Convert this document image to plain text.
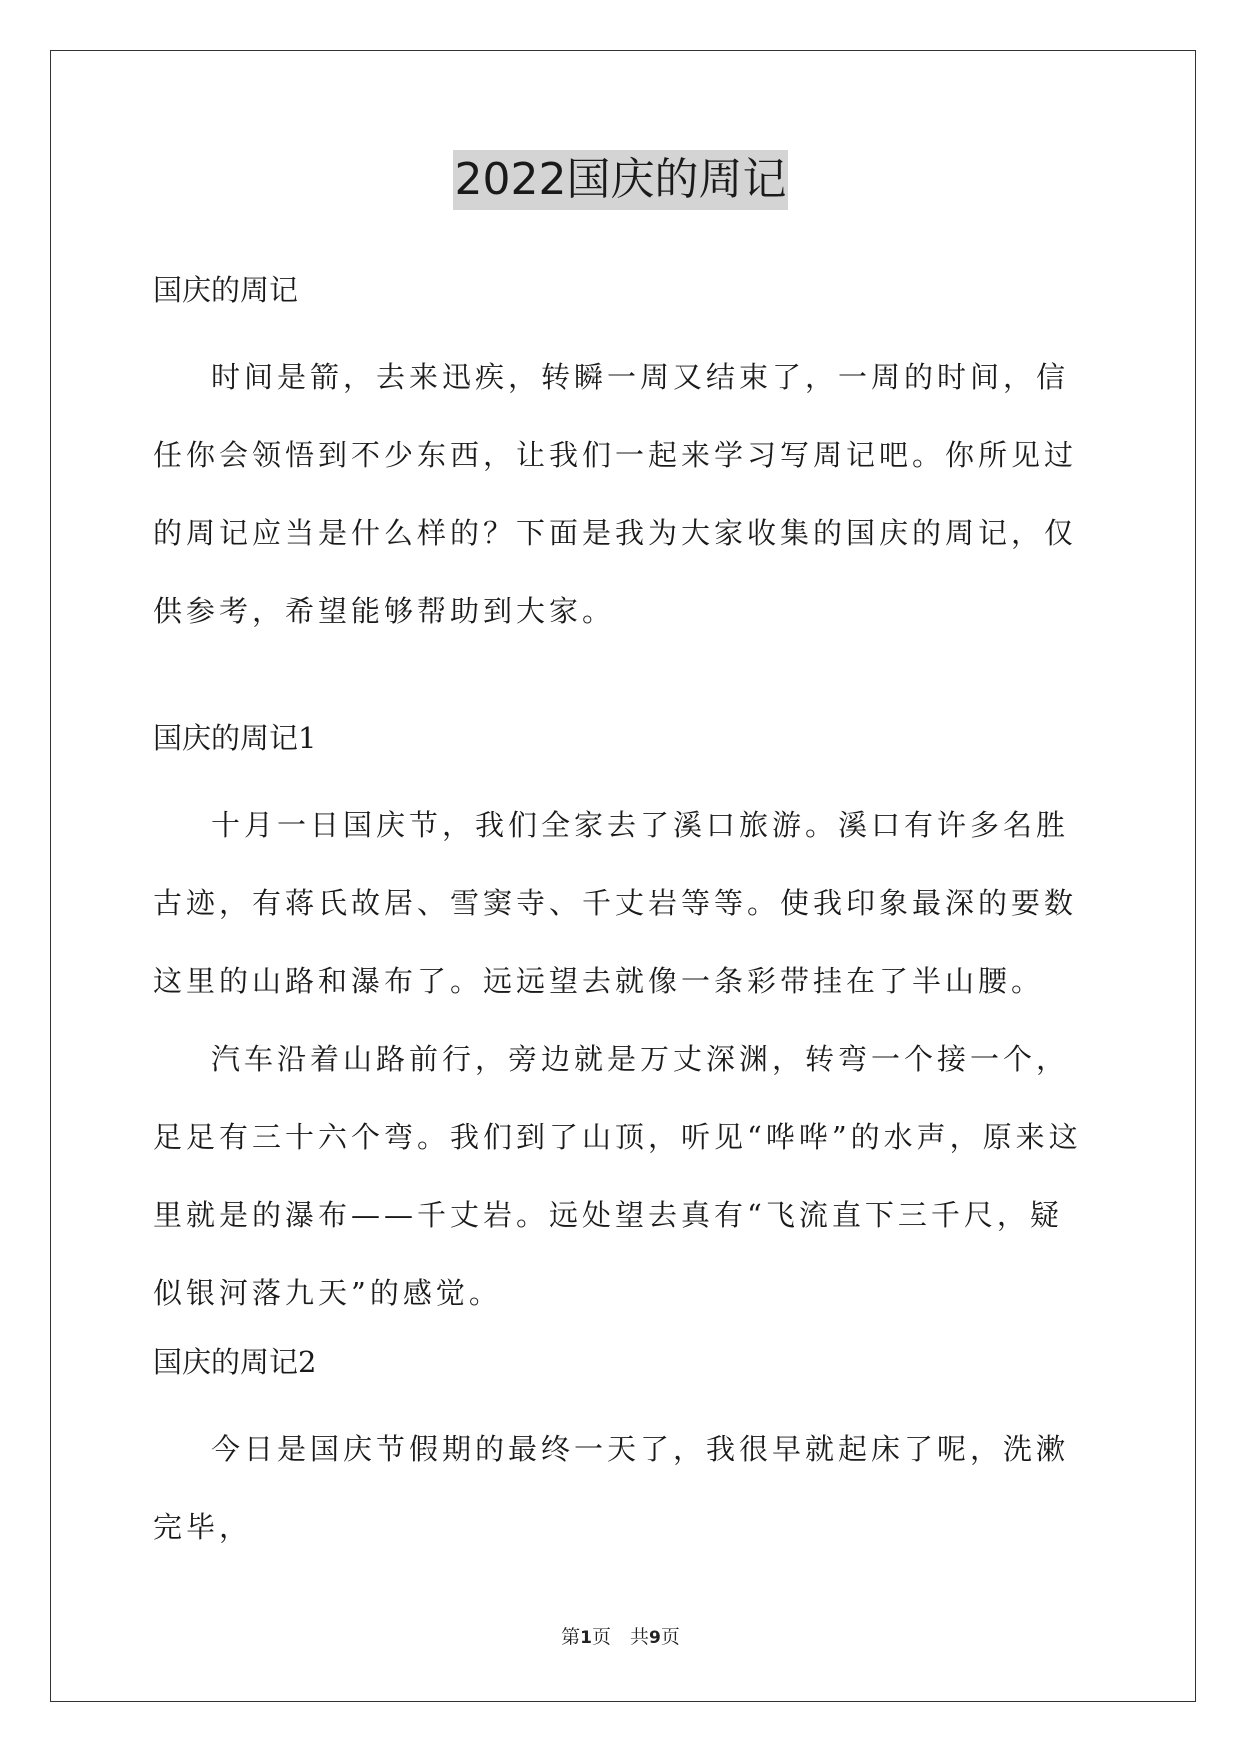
2022国庆的周记

国庆的周记

时间是箭，去来迅疾，转瞬一周又结束了，一周的时间，信任你会领悟到不少东西，让我们一起来学习写周记吧。你所见过的周记应当是什么样的？下面是我为大家收集的国庆的周记，仅供参考，希望能够帮助到大家。

国庆的周记1

十月一日国庆节，我们全家去了溪口旅游。溪口有许多名胜古迹，有蒋氏故居、雪窦寺、千丈岩等等。使我印象最深的要数这里的山路和瀑布了。远远望去就像一条彩带挂在了半山腰。

汽车沿着山路前行，旁边就是万丈深渊，转弯一个接一个，足足有三十六个弯。我们到了山顶，听见“哗哗”的水声，原来这里就是的瀑布——千丈岩。远处望去真有“飞流直下三千尺，疑似银河落九天”的感觉。

国庆的周记2

今日是国庆节假期的最终一天了，我很早就起床了呢，洗漱完毕，

第1页　共9页
